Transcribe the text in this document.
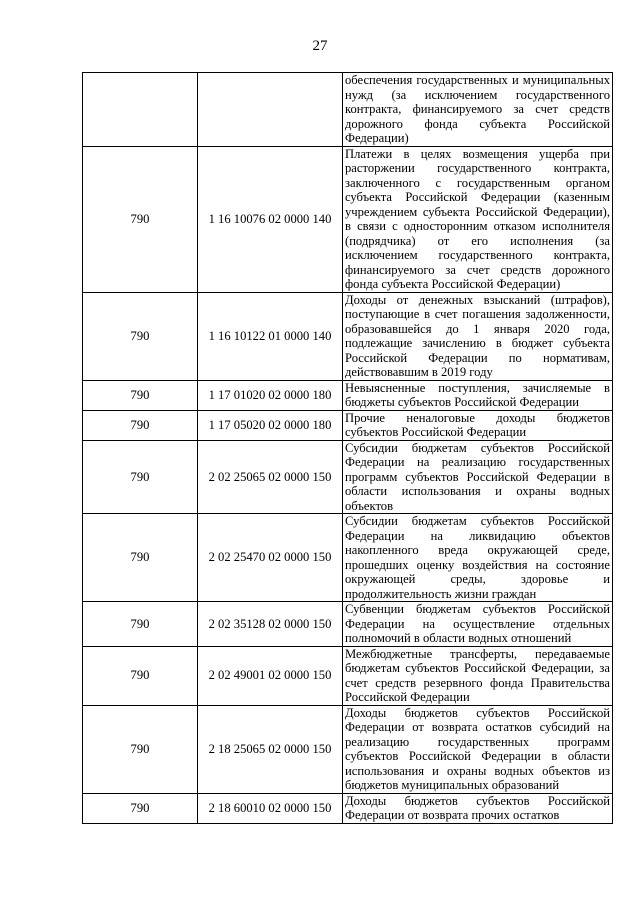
27
		обеспечения государственных и муниципальных нужд (за исключением государственного контракта, финансируемого за счет средств дорожного фонда субъекта Российской Федерации)
790	1 16 10076 02 0000 140	Платежи в целях возмещения ущерба при расторжении государственного контракта, заключенного с государственным органом субъекта Российской Федерации (казенным учреждением субъекта Российской Федерации), в связи с односторонним отказом исполнителя (подрядчика) от его исполнения (за исключением государственного контракта, финансируемого за счет средств дорожного фонда субъекта Российской Федерации)
790	1 16 10122 01 0000 140	Доходы от денежных взысканий (штрафов), поступающие в счет погашения задолженности, образовавшейся до 1 января 2020 года, подлежащие зачислению в бюджет субъекта Российской Федерации по нормативам, действовавшим в 2019 году
790	1 17 01020 02 0000 180	Невыясненные поступления, зачисляемые в бюджеты субъектов Российской Федерации
790	1 17 05020 02 0000 180	Прочие неналоговые доходы бюджетов субъектов Российской Федерации
790	2 02 25065 02 0000 150	Субсидии бюджетам субъектов Российской Федерации на реализацию государственных программ субъектов Российской Федерации в области использования и охраны водных объектов
790	2 02 25470 02 0000 150	Субсидии бюджетам субъектов Российской Федерации на ликвидацию объектов накопленного вреда окружающей среде, прошедших оценку воздействия на состояние окружающей среды, здоровье и продолжительность жизни граждан
790	2 02 35128 02 0000 150	Субвенции бюджетам субъектов Российской Федерации на осуществление отдельных полномочий в области водных отношений
790	2 02 49001 02 0000 150	Межбюджетные трансферты, передаваемые бюджетам субъектов Российской Федерации, за счет средств резервного фонда Правительства Российской Федерации
790	2 18 25065 02 0000 150	Доходы бюджетов субъектов Российской Федерации от возврата остатков субсидий на реализацию государственных программ субъектов Российской Федерации в области использования и охраны водных объектов из бюджетов муниципальных образований
790	2 18 60010 02 0000 150	Доходы бюджетов субъектов Российской Федерации от возврата прочих остатков
